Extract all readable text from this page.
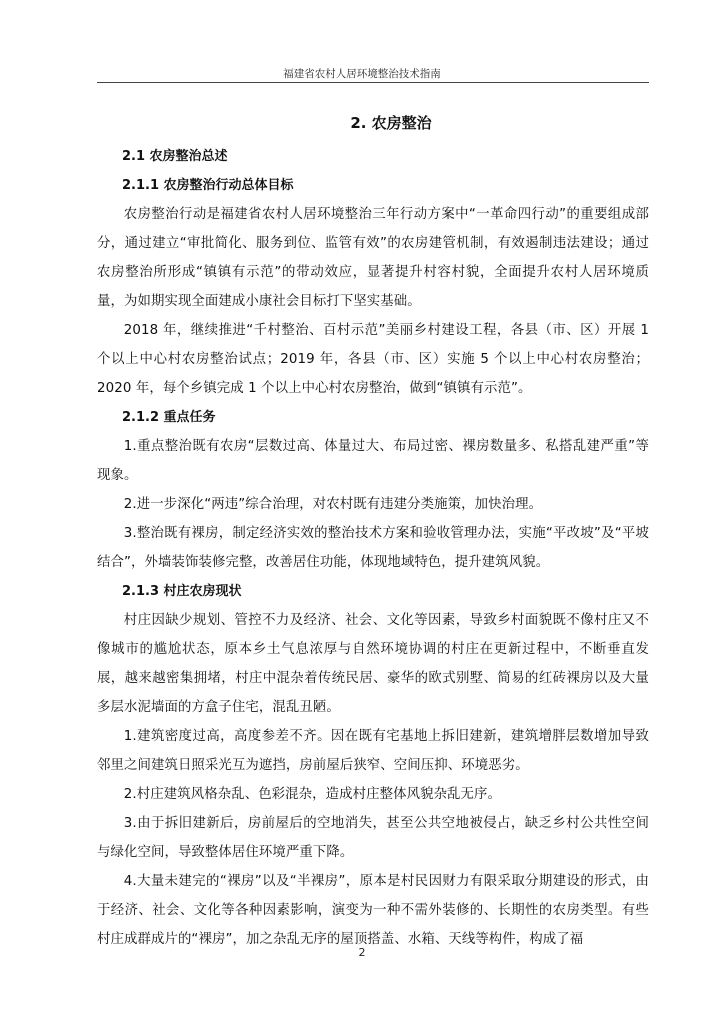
福建省农村人居环境整治技术指南
2. 农房整治
2.1 农房整治总述
2.1.1 农房整治行动总体目标

农房整治行动是福建省农村人居环境整治三年行动方案中“一革命四行动”的重要组成部分，通过建立“审批简化、服务到位、监管有效”的农房建管机制，有效遏制违法建设；通过农房整治所形成“镇镇有示范”的带动效应，显著提升村容村貌，全面提升农村人居环境质量，为如期实现全面建成小康社会目标打下坚实基础。

2018 年，继续推进“千村整治、百村示范”美丽乡村建设工程，各县（市、区）开展 1 个以上中心村农房整治试点；2019 年，各县（市、区）实施 5 个以上中心村农房整治；2020 年，每个乡镇完成 1 个以上中心村农房整治，做到“镇镇有示范”。

2.1.2 重点任务

1.重点整治既有农房“层数过高、体量过大、布局过密、裸房数量多、私搭乱建严重”等现象。

2.进一步深化“两违”综合治理，对农村既有违建分类施策，加快治理。

3.整治既有裸房，制定经济实效的整治技术方案和验收管理办法，实施“平改坡”及“平坡结合”，外墙装饰装修完整，改善居住功能，体现地域特色，提升建筑风貌。

2.1.3 村庄农房现状

村庄因缺少规划、管控不力及经济、社会、文化等因素，导致乡村面貌既不像村庄又不像城市的尴尬状态，原本乡土气息浓厚与自然环境协调的村庄在更新过程中，不断垂直发展，越来越密集拥堵，村庄中混杂着传统民居、豪华的欧式别墅、简易的红砖裸房以及大量多层水泥墙面的方盒子住宅，混乱丑陋。

1.建筑密度过高，高度参差不齐。因在既有宅基地上拆旧建新，建筑增胖层数增加导致邻里之间建筑日照采光互为遮挡，房前屋后狭窄、空间压抑、环境恶劣。

2.村庄建筑风格杂乱、色彩混杂，造成村庄整体风貌杂乱无序。

3.由于拆旧建新后，房前屋后的空地消失，甚至公共空地被侵占，缺乏乡村公共性空间与绿化空间，导致整体居住环境严重下降。

4.大量未建完的“裸房”以及“半裸房”，原本是村民因财力有限采取分期建设的形式，由于经济、社会、文化等各种因素影响，演变为一种不需外装修的、长期性的农房类型。有些村庄成群成片的“裸房”，加之杂乱无序的屋顶搭盖、水箱、天线等构件，构成了福

2
